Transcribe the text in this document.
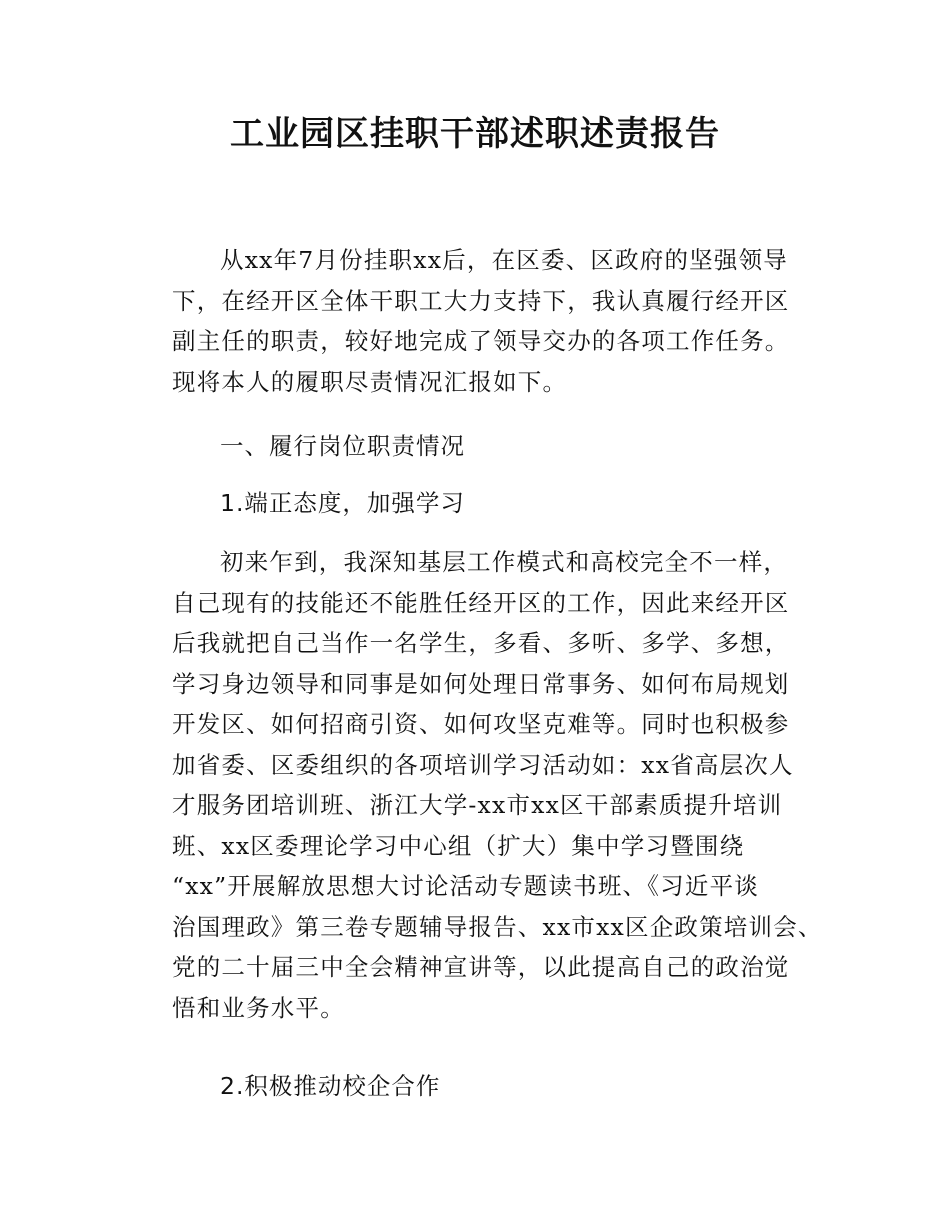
工业园区挂职干部述职述责报告
从xx年7月份挂职xx后，在区委、区政府的坚强领导
下，在经开区全体干职工大力支持下，我认真履行经开区
副主任的职责，较好地完成了领导交办的各项工作任务。
现将本人的履职尽责情况汇报如下。
一、履行岗位职责情况
1.端正态度，加强学习
初来乍到，我深知基层工作模式和高校完全不一样，
自己现有的技能还不能胜任经开区的工作，因此来经开区
后我就把自己当作一名学生，多看、多听、多学、多想，
学习身边领导和同事是如何处理日常事务、如何布局规划
开发区、如何招商引资、如何攻坚克难等。同时也积极参
加省委、区委组织的各项培训学习活动如：xx省高层次人
才服务团培训班、浙江大学-xx市xx区干部素质提升培训
班、xx区委理论学习中心组（扩大）集中学习暨围绕
“xx”开展解放思想大讨论活动专题读书班、《习近平谈
治国理政》第三卷专题辅导报告、xx市xx区企政策培训会、
党的二十届三中全会精神宣讲等，以此提高自己的政治觉
悟和业务水平。
2.积极推动校企合作
